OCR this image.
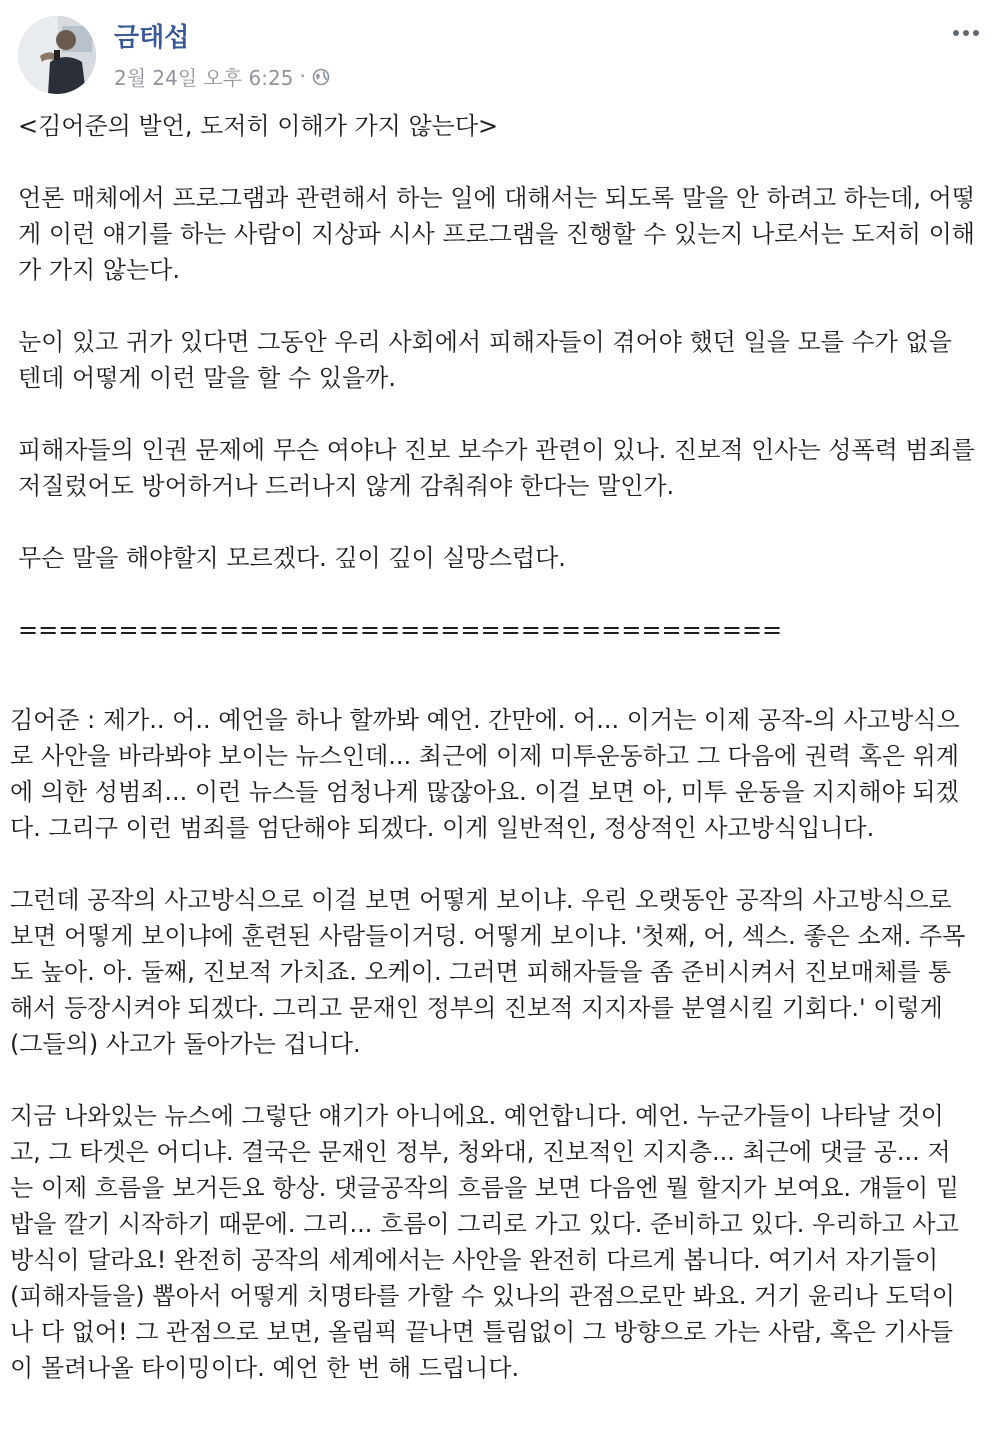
금태섭
2월 24일 오후 6:25 ·

<김어준의 발언, 도저히 이해가 가지 않는다>

언론 매체에서 프로그램과 관련해서 하는 일에 대해서는 되도록 말을 안 하려고 하는데, 어떻
게 이런 얘기를 하는 사람이 지상파 시사 프로그램을 진행할 수 있는지 나로서는 도저히 이해
가 가지 않는다.

눈이 있고 귀가 있다면 그동안 우리 사회에서 피해자들이 겪어야 했던 일을 모를 수가 없을
텐데 어떻게 이런 말을 할 수 있을까.

피해자들의 인권 문제에 무슨 여야나 진보 보수가 관련이 있나. 진보적 인사는 성폭력 범죄를
저질렀어도 방어하거나 드러나지 않게 감춰줘야 한다는 말인가.

무슨 말을 해야할지 모르겠다. 깊이 깊이 실망스럽다.

======================================

김어준 : 제가.. 어.. 예언을 하나 할까봐 예언. 간만에. 어... 이거는 이제 공작-의 사고방식으
로 사안을 바라봐야 보이는 뉴스인데... 최근에 이제 미투운동하고 그 다음에 권력 혹은 위계
에 의한 성범죄... 이런 뉴스들 엄청나게 많잖아요. 이걸 보면 아, 미투 운동을 지지해야 되겠
다. 그리구 이런 범죄를 엄단해야 되겠다. 이게 일반적인, 정상적인 사고방식입니다.

그런데 공작의 사고방식으로 이걸 보면 어떻게 보이냐. 우린 오랫동안 공작의 사고방식으로
보면 어떻게 보이냐에 훈련된 사람들이거덩. 어떻게 보이냐. '첫째, 어, 섹스. 좋은 소재. 주목
도 높아. 아. 둘째, 진보적 가치죠. 오케이. 그러면 피해자들을 좀 준비시켜서 진보매체를 통
해서 등장시켜야 되겠다. 그리고 문재인 정부의 진보적 지지자를 분열시킬 기회다.' 이렇게
(그들의) 사고가 돌아가는 겁니다.

지금 나와있는 뉴스에 그렇단 얘기가 아니에요. 예언합니다. 예언. 누군가들이 나타날 것이
고, 그 타겟은 어디냐. 결국은 문재인 정부, 청와대, 진보적인 지지층... 최근에 댓글 공... 저
는 이제 흐름을 보거든요 항상. 댓글공작의 흐름을 보면 다음엔 뭘 할지가 보여요. 걔들이 밑
밥을 깔기 시작하기 때문에. 그리... 흐름이 그리로 가고 있다. 준비하고 있다. 우리하고 사고
방식이 달라요! 완전히 공작의 세계에서는 사안을 완전히 다르게 봅니다. 여기서 자기들이
(피해자들을) 뽑아서 어떻게 치명타를 가할 수 있나의 관점으로만 봐요. 거기 윤리나 도덕이
나 다 없어! 그 관점으로 보면, 올림픽 끝나면 틀림없이 그 방향으로 가는 사람, 혹은 기사들
이 몰려나올 타이밍이다. 예언 한 번 해 드립니다.
